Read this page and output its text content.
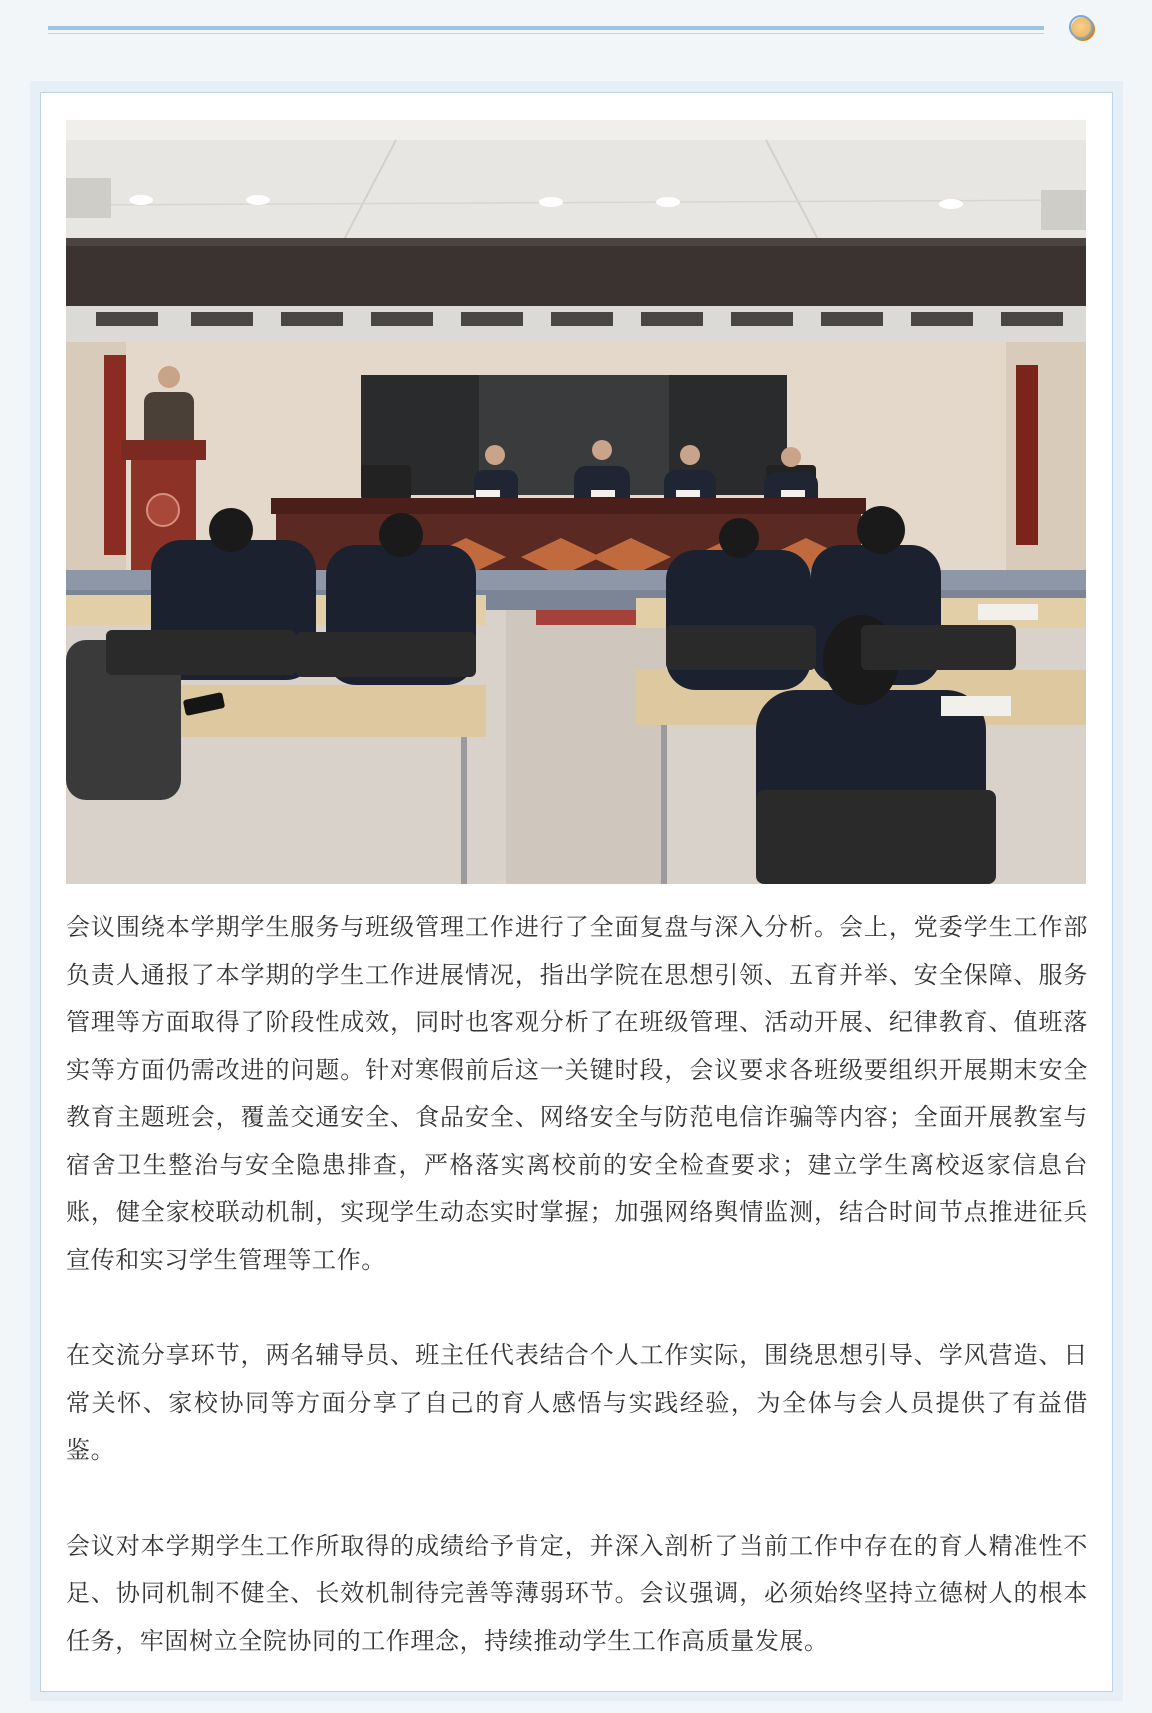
会议围绕本学期学生服务与班级管理工作进行了全面复盘与深入分析。会上，党委学生工作部负责人通报了本学期的学生工作进展情况，指出学院在思想引领、五育并举、安全保障、服务管理等方面取得了阶段性成效，同时也客观分析了在班级管理、活动开展、纪律教育、值班落实等方面仍需改进的问题。针对寒假前后这一关键时段，会议要求各班级要组织开展期末安全教育主题班会，覆盖交通安全、食品安全、网络安全与防范电信诈骗等内容；全面开展教室与宿舍卫生整治与安全隐患排查，严格落实离校前的安全检查要求；建立学生离校返家信息台账，健全家校联动机制，实现学生动态实时掌握；加强网络舆情监测，结合时间节点推进征兵宣传和实习学生管理等工作。

在交流分享环节，两名辅导员、班主任代表结合个人工作实际，围绕思想引导、学风营造、日常关怀、家校协同等方面分享了自己的育人感悟与实践经验，为全体与会人员提供了有益借鉴。

会议对本学期学生工作所取得的成绩给予肯定，并深入剖析了当前工作中存在的育人精准性不足、协同机制不健全、长效机制待完善等薄弱环节。会议强调，必须始终坚持立德树人的根本任务，牢固树立全院协同的工作理念，持续推动学生工作高质量发展。
